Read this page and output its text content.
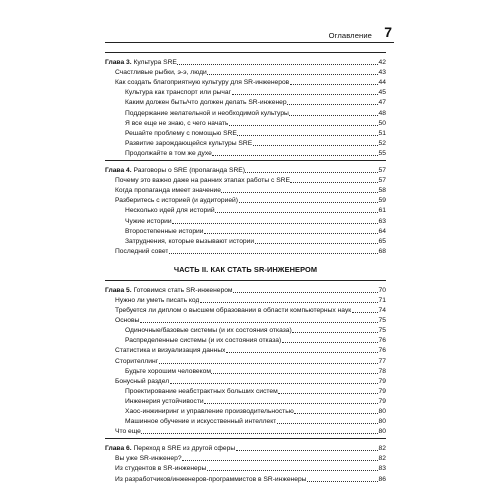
Оглавление 7
Глава 3. Культура SRE	42
Счастливые рыбки, э-э, люди	43
Как создать благоприятную культуру для SR-инженеров	44
Культура как транспорт или рычаг	45
Каким должен быть/что должен делать SR-инженер	47
Поддержание желательной и необходимой культуры	48
Я все еще не знаю, с чего начать	50
Решайте проблему с помощью SRE	51
Развитие зарождающейся культуры SRE	52
Продолжайте в том же духе	55
Глава 4. Разговоры о SRE (пропаганда SRE)	57
Почему это важно даже на ранних этапах работы с SRE	57
Когда пропаганда имеет значение	58
Разберитесь с историей (и аудиторией)	59
Несколько идей для историй	61
Чужие истории	63
Второстепенные истории	64
Затруднения, которые вызывают истории	65
Последний совет	68
ЧАСТЬ II. КАК СТАТЬ SR-ИНЖЕНЕРОМ
Глава 5. Готовимся стать SR-инженером	70
Нужно ли уметь писать код	71
Требуется ли диплом о высшем образовании в области компьютерных наук	74
Основы	75
Одиночные/базовые системы (и их состояния отказа)	75
Распределенные системы (и их состояния отказа)	76
Статистика и визуализация данных	76
Сторителлинг	77
Будьте хорошим человеком	78
Бонусный раздел	79
Проектирование неабстрактных больших систем	79
Инженерия устойчивости	79
Хаос-инжиниринг и управление производительностью	80
Машинное обучение и искусственный интеллект	80
Что еще	80
Глава 6. Переход в SRE из другой сферы	82
Вы уже SR-инженер?	82
Из студентов в SR-инженеры	83
Из разработчиков/инженеров-программистов в SR-инженеры	86
